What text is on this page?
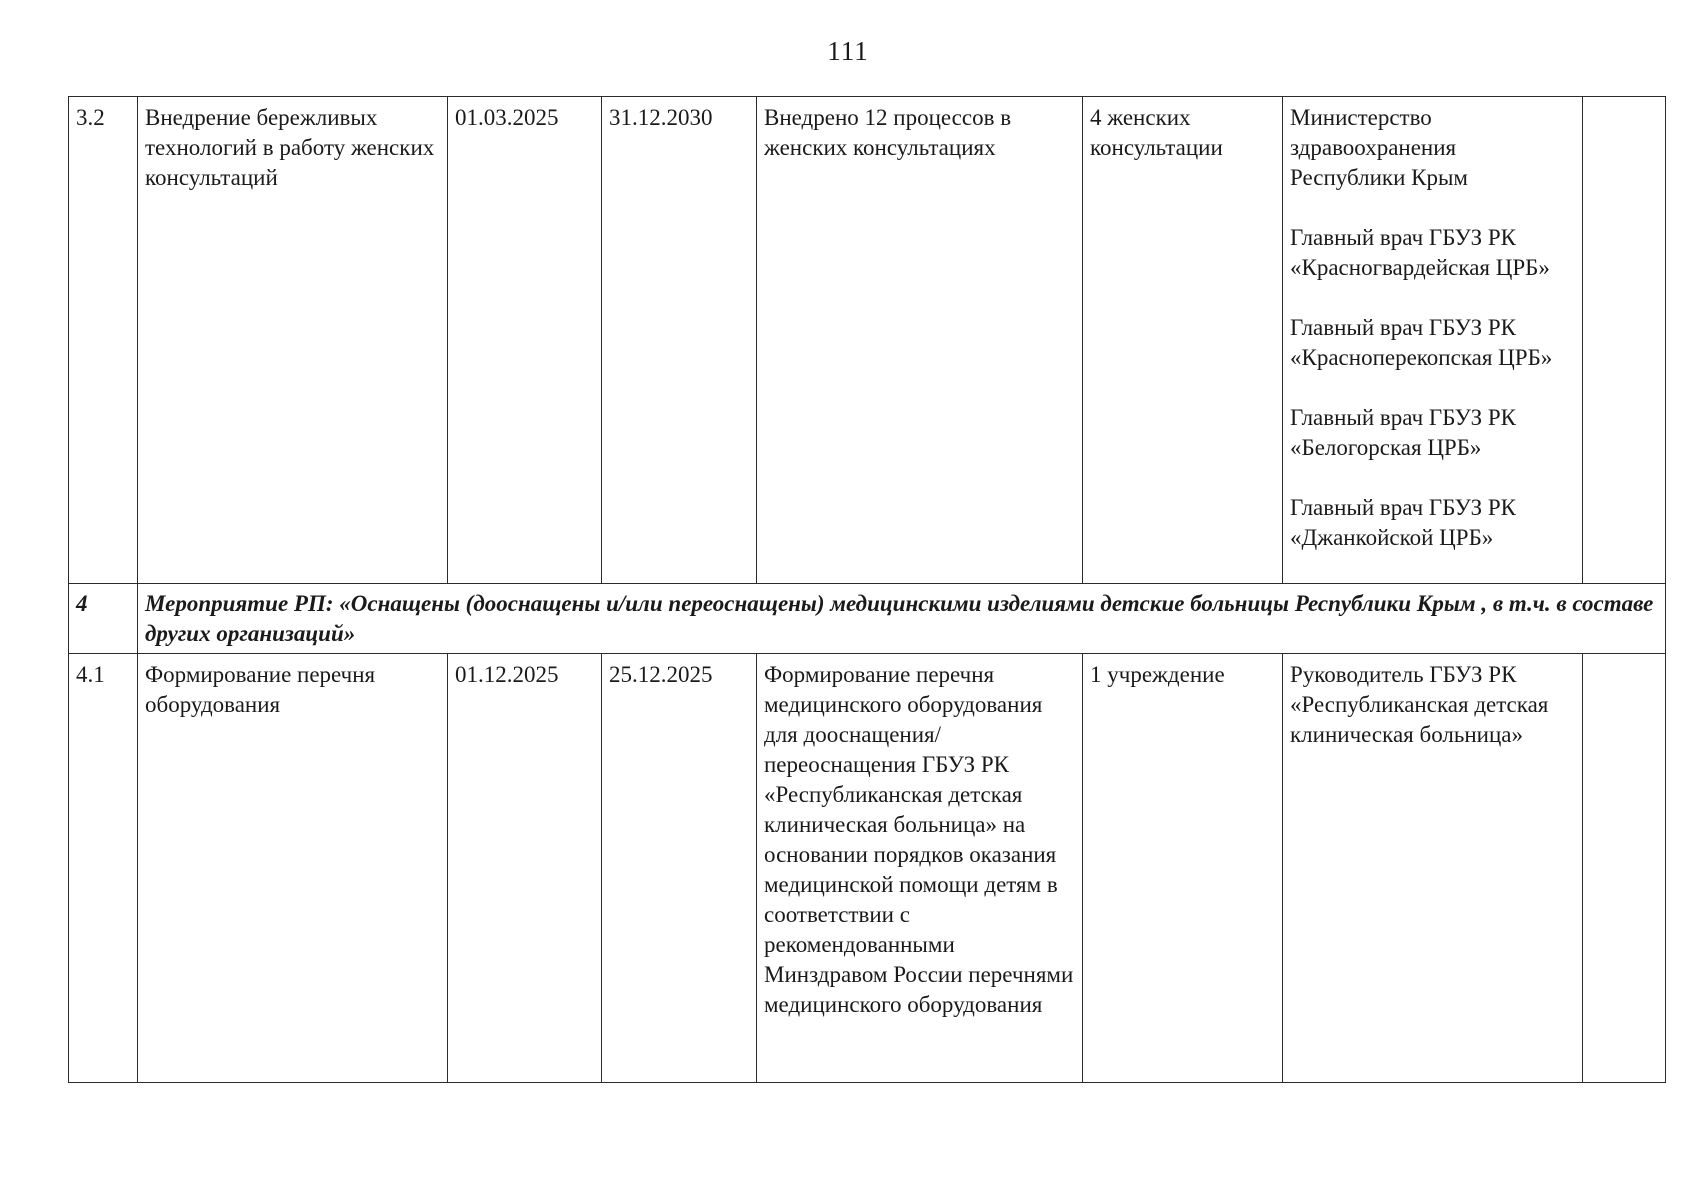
111
3.2	Внедрение бережливых технологий в работу женских консультаций	01.03.2025	31.12.2030	Внедрено 12 процессов в женских консультациях	4 женских консультации	Министерство здравоохранения Республики Крым
Главный врач ГБУЗ РК «Красногвардейская ЦРБ»
Главный врач ГБУЗ РК «Красноперекопская ЦРБ»
Главный врач ГБУЗ РК «Белогорская ЦРБ»
Главный врач ГБУЗ РК «Джанкойской ЦРБ»	

4	Мероприятие РП: «Оснащены (дооснащены и/или переоснащены) медицинскими изделиями детские больницы Республики Крым , в т.ч. в составе других организаций»						
4.1	Формирование перечня оборудования	01.12.2025	25.12.2025	Формирование перечня медицинского оборудования для дооснащения/переоснащения ГБУЗ РК «Республиканская детская клиническая больница» на основании порядков оказания медицинской помощи детям в соответствии с рекомендованными Минздравом России перечнями медицинского оборудования	1 учреждение	Руководитель ГБУЗ РК «Республиканская детская клиническая больница»	
